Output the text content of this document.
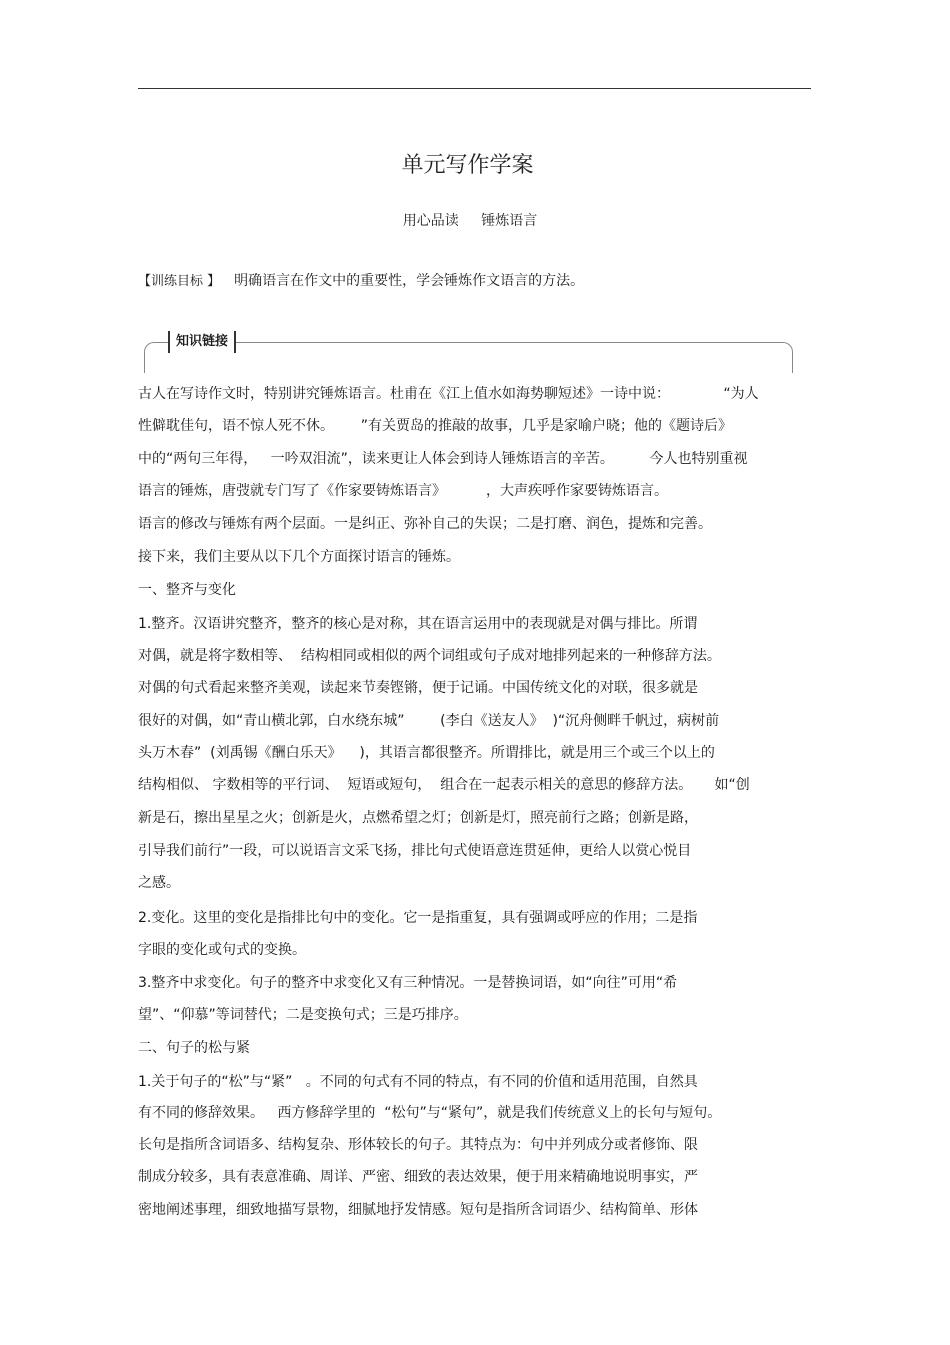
单元写作学案
用心品读 锤炼语言
【训练目标 】 明确语言在作文中的重要性，学会锤炼作文语言的方法。
知识链接
古人在写诗作文时，特别讲究锤炼语言。杜甫在《江上值水如海势聊短述》一诗中说：            “为人
性僻耽佳句，语不惊人死不休。      ”有关贾岛的推敲的故事，几乎是家喻户晓；他的《题诗后》
中的“两句三年得，   一吟双泪流”，读来更让人体会到诗人锤炼语言的辛苦。        今人也特别重视
语言的锤炼，唐弢就专门写了《作家要铸炼语言》         ，大声疾呼作家要铸炼语言。
语言的修改与锤炼有两个层面。一是纠正、弥补自己的失误；二是打磨、润色，提炼和完善。
接下来，我们主要从以下几个方面探讨语言的锤炼。
一、整齐与变化
1.整齐。汉语讲究整齐，整齐的核心是对称，其在语言运用中的表现就是对偶与排比。所谓
对偶，就是将字数相等、  结构相同或相似的两个词组或句子成对地排列起来的一种修辞方法。
对偶的句式看起来整齐美观，读起来节奏铿锵，便于记诵。中国传统文化的对联，很多就是
很好的对偶，如“青山横北郭，白水绕东城”        (李白《送友人》  )“沉舟侧畔千帆过，病树前
头万木春”  (刘禹锡《酬白乐天》    )，其语言都很整齐。所谓排比，就是用三个或三个以上的
结构相似、 字数相等的平行词、  短语或短句，  组合在一起表示相关的意思的修辞方法。     如“创
新是石，擦出星星之火；创新是火，点燃希望之灯；创新是灯，照亮前行之路；创新是路，
引导我们前行”一段，可以说语言文采飞扬，排比句式使语意连贯延伸，更给人以赏心悦目
之感。
2.变化。这里的变化是指排比句中的变化。它一是指重复，具有强调或呼应的作用；二是指
字眼的变化或句式的变换。
3.整齐中求变化。句子的整齐中求变化又有三种情况。一是替换词语，如“向往”可用“希
望”、“仰慕”等词替代；二是变换句式；三是巧排序。
二、句子的松与紧
1.关于句子的“松”与“紧”   。不同的句式有不同的特点，有不同的价值和适用范围，自然具
有不同的修辞效果。   西方修辞学里的  “松句”与“紧句”，就是我们传统意义上的长句与短句。
长句是指所含词语多、结构复杂、形体较长的句子。其特点为：句中并列成分或者修饰、限
制成分较多，具有表意准确、周详、严密、细致的表达效果，便于用来精确地说明事实，严
密地阐述事理，细致地描写景物，细腻地抒发情感。短句是指所含词语少、结构简单、形体
